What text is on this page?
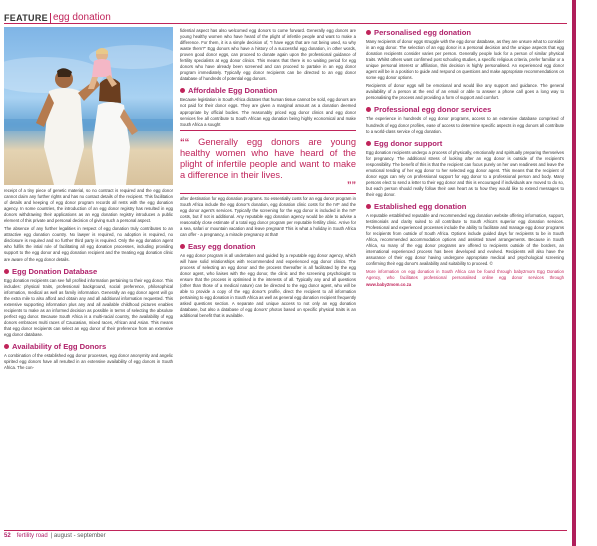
FEATURE egg donation

receipt of a tiny piece of genetic material, so no contract is required and the egg donor cannot claim any further rights and has no contact details of the recipient. This facilitation of details and keeping of egg donor program records all rests with the egg donation agency. In some countries, the introduction of an egg donor registry has resulted in egg donors withdrawing their applications as an egg donation registry introduces a public element of this private and personal decision of giving such a personal aspect.

The absence of any further legalities in respect of egg donation truly contributes to an attractive egg donation country. No lawyer is required, no adoption is required, no disclosure is required and no further third party is required. Only the egg donation agent who fulfils the intial role of facilitating all egg donation processes, including providing support to the egg donor and egg donation recipient and the treating egg donation clinic are aware of the egg donor details.

Egg Donation Database

Egg donation recipients can see full profiled information pertaining to their egg donor. This includes: physical traits, professional background, social preference, philosophical information, medical as well as family information. Generally an egg donor agent will go the extra mile to also afford and obtain any and all additional information requested. This extensive supporting information plus any and all available childhood pictures enables recipients to make as an informed decision as possible in terms of selecting the absolute perfect egg donor. Because South Africa is a multi-racial country, the availability of egg donors embraces multi races of Caucasian, mixed races, African and Asian. This means that egg donor recipients can select an egg donor of their preference from an extensive egg donor database.

Availability of Egg Donors

A combination of the established egg donor processes, egg donor anonymity and angelic spirited egg donors have all resulted in an extensive availability of egg donors in South Africa. The con-

fidential aspect has also welcomed egg donors to come forward. Generally egg donors are young healthy women who have heard of the plight of infertile people and want to make a difference. For them, it is a simple decision of, "I have eggs that are not being used, so why waste them?" Egg donors who have a history of a successful egg donation, in other words, proven good donor eggs, can proceed to donate again upon the professional guidance of fertility specialists at egg donor clinics. This means that there is no waiting period for egg donors who have already been screened and can proceed to partake in an egg donor program immediately. Typically egg donor recipients can be directed to an egg donor database of hundreds of potential egg donors.

Affordable Egg Donation

Because legislation in South Africa dictates that human tissue cannot be sold, egg donors are not paid for their donor eggs. They are given a marginal amount as a donation deemed appropriate by official bodies. The reasonably priced egg donor clinics and egg donor services fee all contribute to South African egg donation being highly economical and make South Africa a sought

““ Generally egg donors are young healthy women who have heard of the plight of infertile people and want to make a difference in their lives.
””

after destination for egg donation programs. So essentially costs for an egg donor program in South Africa include the egg donor's donation, egg donation clinic costs for the IVF and the egg donor agent's services. Typically the screening for the egg donor is included in the IVF costs, but if not is additional. Any reputable egg donation agency would be able to advise a reasonably close estimate of a total egg donor program per reputable fertility clinic. Arrive for a sea, safari or mountain vacation and leave pregnant! This is what a holiday in South Africa can offer - a pregnancy, a miracle pregnancy at that!

Easy egg donation

An egg donor program is all undertaken and guided by a reputable egg donor agency, which will have solid relationships with recommended and experienced egg donor clinics. The process of selecting an egg donor and the process thereafter is all facilitated by the egg donor agent, who liaises with the egg donor, the clinic and the screening psychologist to ensure that the process is optimised in the interests of all. Typically any and all questions (other than those of a medical nature) can be directed to the egg donor agent, who will be able to provide a copy of the egg donor's profile, direct the recipient to all information pertaining to egg donation in South Africa as well as general egg donation recipient frequently asked questions section. A separate and unique access to not only an egg donation database, but also a database of egg donors' photos based on specific physical traits is an additional benefit that is available.

Personalised egg donation

Many recipients of donor eggs struggle with the egg donor database, as they are unsure what to consider in an egg donor. The selection of an egg donor is a personal decision and the unique aspects that egg donation recipients consider varies per person. Generally people look for a person of similar physical traits. Whilst others want confirmed post schooling studies, a specific religious criteria, prefer familiar or a unique personal interest or affiliation, this decision is highly personalised. An experienced egg donor agent will be in a position to guide and respond on questions and make appropriate recommendations on some egg donor options.

Recipients of donor eggs will be emotional and would like any support and guidance. The general availability of a person at the end of an email or able to answer a phone call goes a long way to personalising the process and providing a form of support and comfort.

Professional egg donor services

The experience in hundreds of egg donor programs, access to an extensive database comprised of hundreds of egg donor profiles, ease of access to determine specific aspects in egg donors all contribute to a world-class service of egg donation.

Egg donor support

Egg donation recipients undergo a process of physically, emotionally and spiritually preparing themselves for pregnancy. The additional stress of looking after an egg donor is outside of the recipient's responsibility. The benefit of this is that the recipient can focus purely on her own readiness and leave the emotional tending of her egg donor to her selected egg donor agent. This means that the recipient of donor eggs can rely on professional support for egg donor to a professional person and body. Many persons elect to send a letter to their egg donor and this is encouraged if individuals are moved to do so, but each person should really follow their own heart as to how they would like to extend messages to their egg donor.

Established egg donation

A reputable established reputable and recommended egg donation website offering information, support, testimonials and clarity suited to all contribute to South Africa's superior egg donation services. Professional and experienced processes include the ability to facilitate and manage egg donor programs for recipients from outside of South Africa. Options include guided days for recipients to be in South Africa, recommended accommodation options and assisted travel arrangements. Because in South Africa, so many of the egg donor programs are offered to recipients outside of the borders, an international experienced process has been developed and evolved. Recipients will also have the assurance of their egg donor having undergone appropriate medical and psychological screening confirming their egg donor's availability and suitability to proceed. ©

More information on egg donation in South Africa can be found through baby2mom Egg Donation Agency, who facilitates professional personalised online egg donor services through www.baby2mom.co.za

52 fertility road | august - september
